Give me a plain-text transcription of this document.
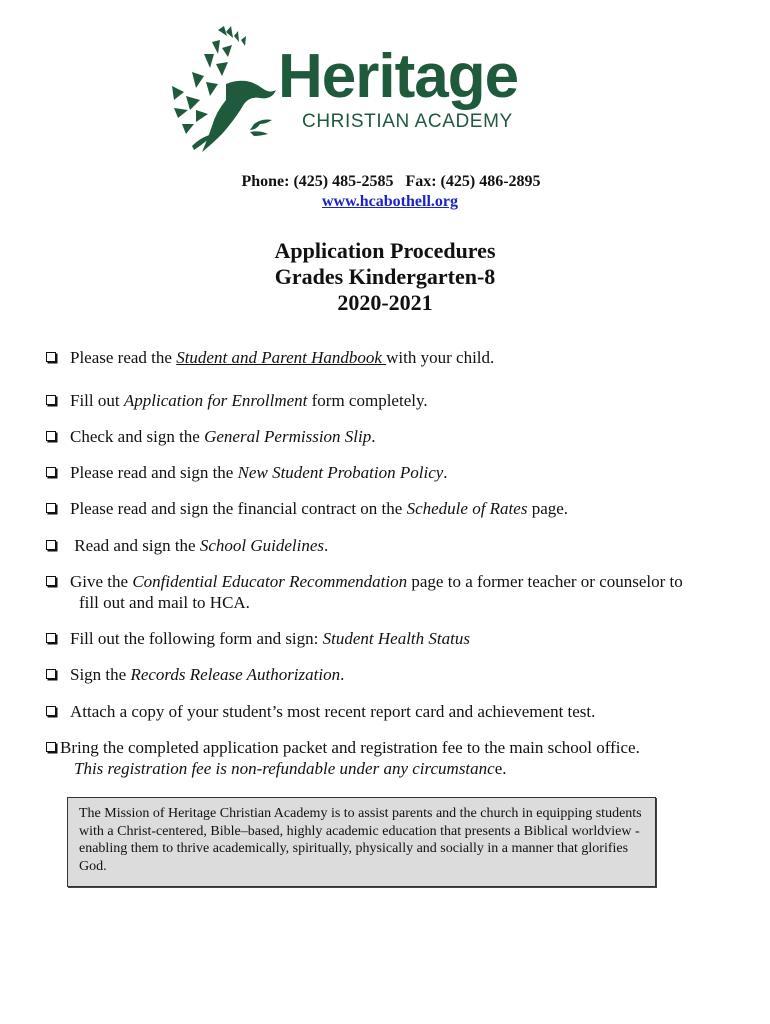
Heritage
CHRISTIAN ACADEMY
Phone: (425) 485-2585 Fax: (425) 486-2895
www.hcabothell.org
Application Procedures
Grades Kindergarten-8
2020-2021
Please read the Student and Parent Handbook with your child.
Fill out Application for Enrollment form completely.
Check and sign the General Permission Slip.
Please read and sign the New Student Probation Policy.
Please read and sign the financial contract on the Schedule of Rates page.
Read and sign the School Guidelines.
Give the Confidential Educator Recommendation page to a former teacher or counselor to
fill out and mail to HCA.
Fill out the following form and sign: Student Health Status
Sign the Records Release Authorization.
Attach a copy of your student’s most recent report card and achievement test.
Bring the completed application packet and registration fee to the main school office.
This registration fee is non-refundable under any circumstance.
The Mission of Heritage Christian Academy is to assist parents and the church in equipping students with a Christ-centered, Bible–based, highly academic education that presents a Biblical worldview - enabling them to thrive academically, spiritually, physically and socially in a manner that glorifies God.
